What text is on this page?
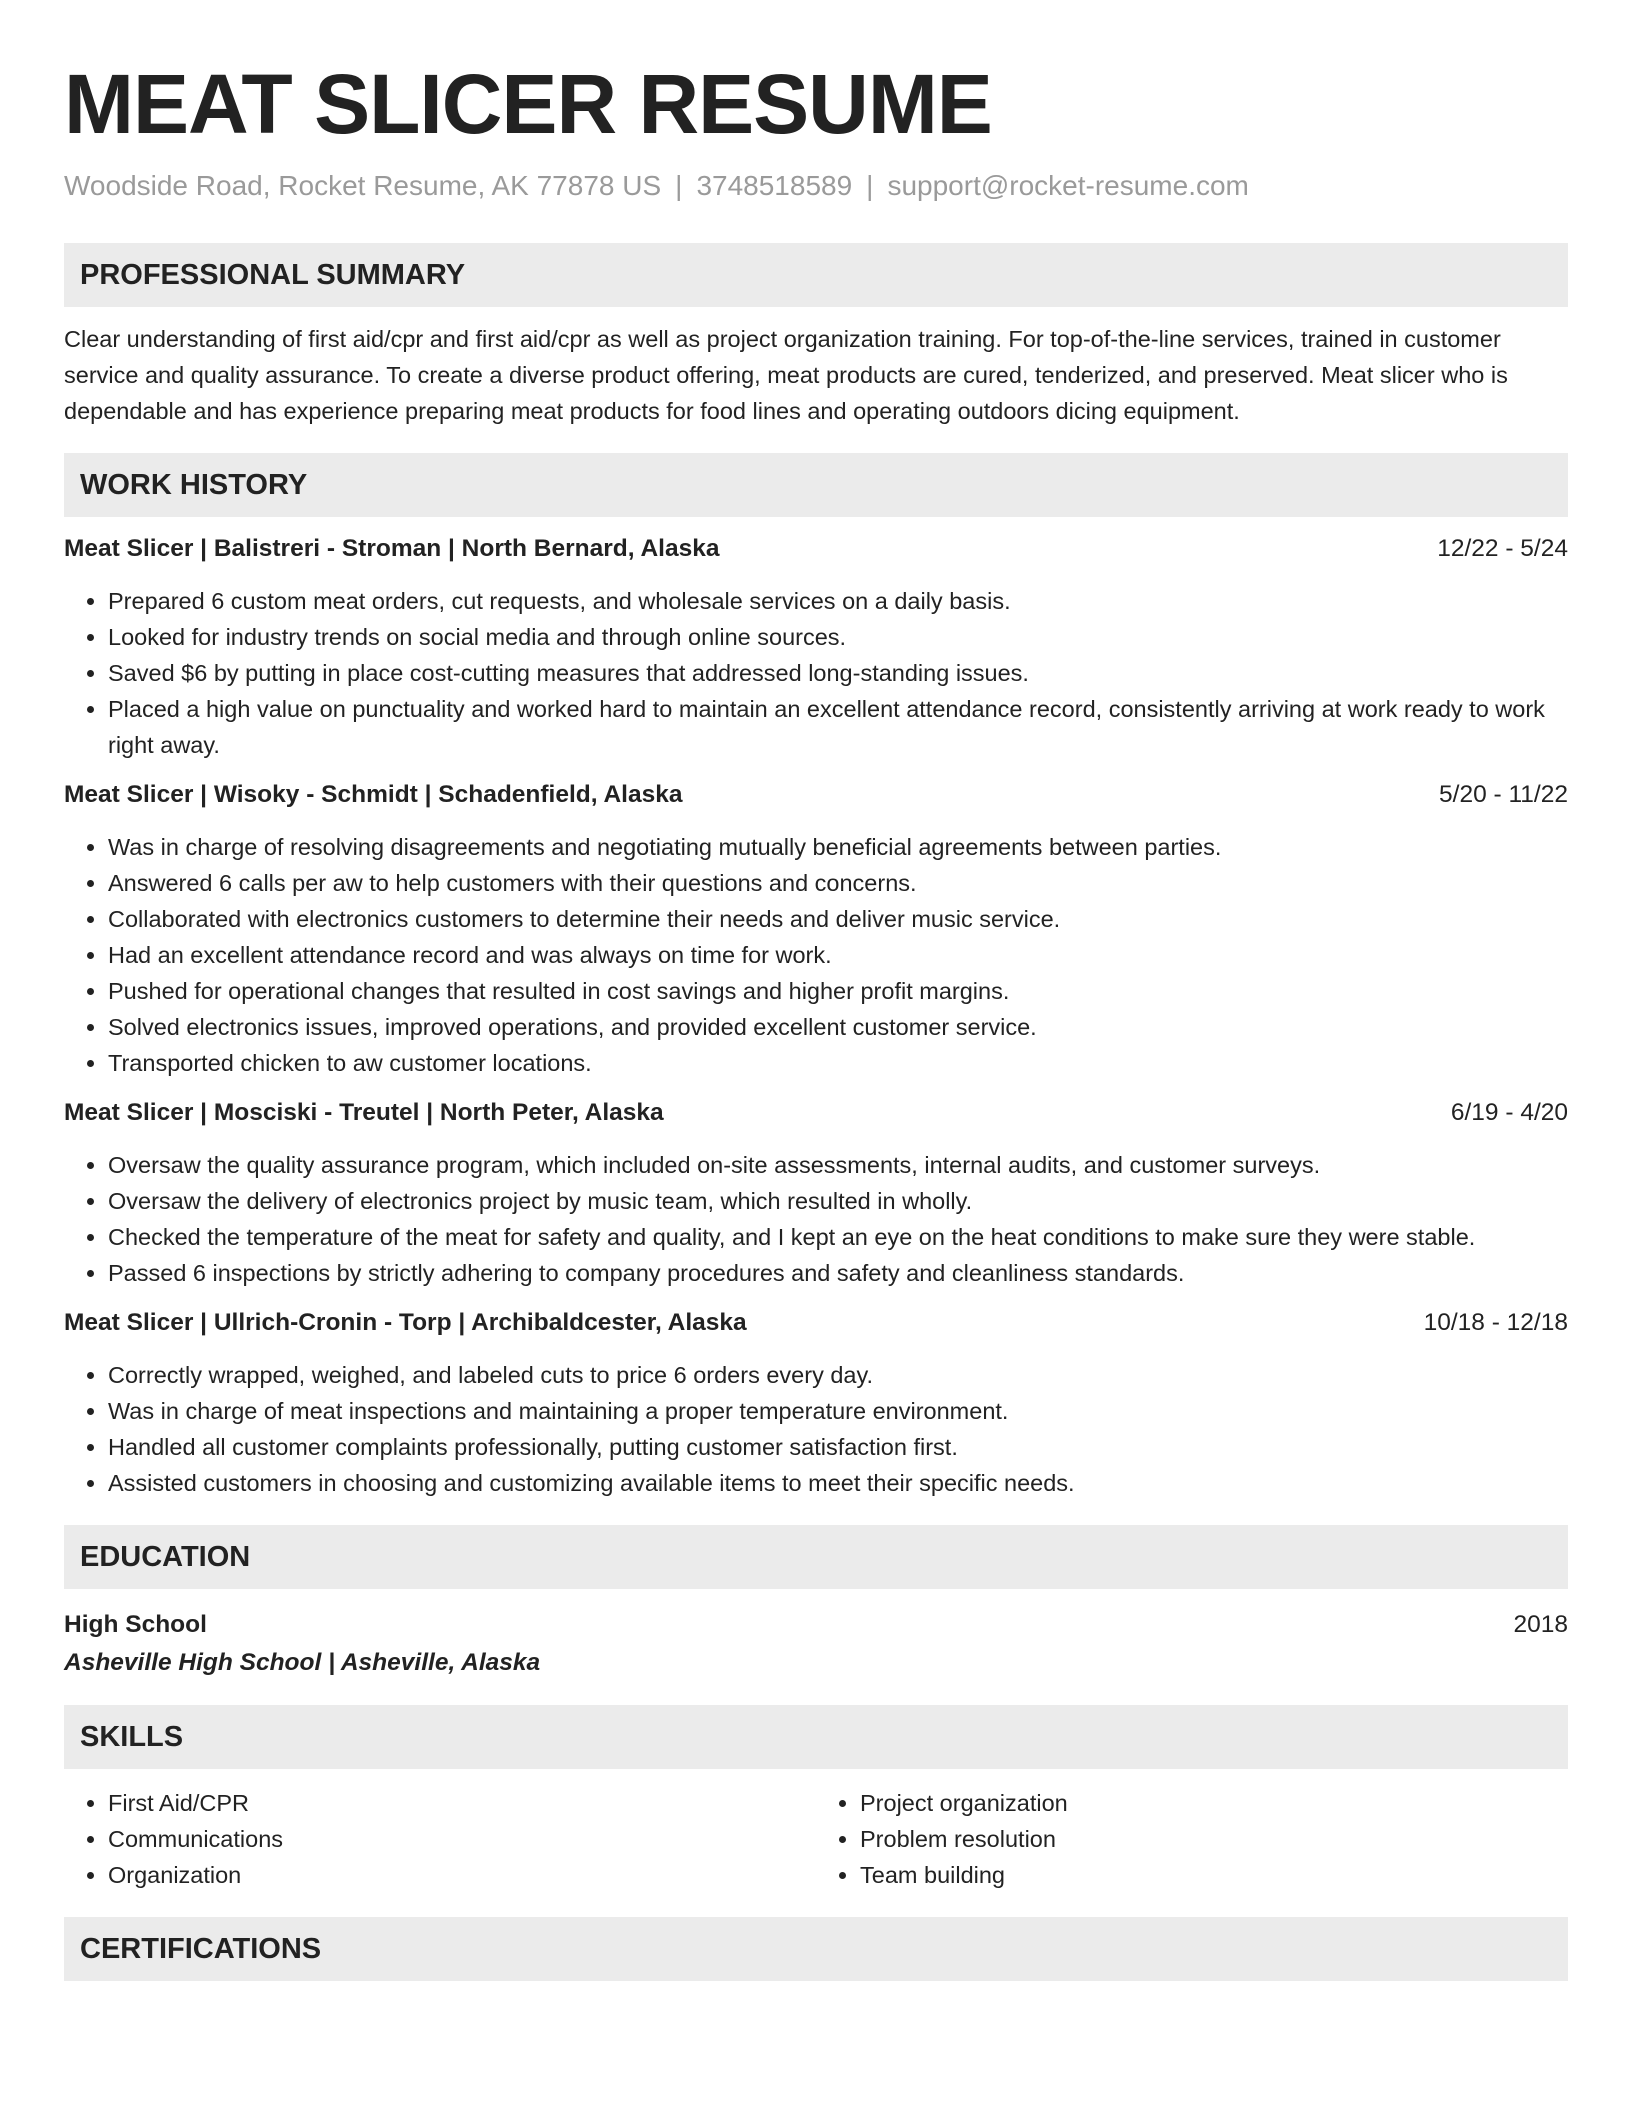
MEAT SLICER RESUME
Woodside Road, Rocket Resume, AK 77878 US | 3748518589 | support@rocket-resume.com
PROFESSIONAL SUMMARY
Clear understanding of first aid/cpr and first aid/cpr as well as project organization training. For top-of-the-line services, trained in customer service and quality assurance. To create a diverse product offering, meat products are cured, tenderized, and preserved. Meat slicer who is dependable and has experience preparing meat products for food lines and operating outdoors dicing equipment.
WORK HISTORY
Meat Slicer | Balistreri - Stroman | North Bernard, Alaska	12/22 - 5/24
• Prepared 6 custom meat orders, cut requests, and wholesale services on a daily basis.
• Looked for industry trends on social media and through online sources.
• Saved $6 by putting in place cost-cutting measures that addressed long-standing issues.
• Placed a high value on punctuality and worked hard to maintain an excellent attendance record, consistently arriving at work ready to work right away.
Meat Slicer | Wisoky - Schmidt | Schadenfield, Alaska	5/20 - 11/22
• Was in charge of resolving disagreements and negotiating mutually beneficial agreements between parties.
• Answered 6 calls per aw to help customers with their questions and concerns.
• Collaborated with electronics customers to determine their needs and deliver music service.
• Had an excellent attendance record and was always on time for work.
• Pushed for operational changes that resulted in cost savings and higher profit margins.
• Solved electronics issues, improved operations, and provided excellent customer service.
• Transported chicken to aw customer locations.
Meat Slicer | Mosciski - Treutel | North Peter, Alaska	6/19 - 4/20
• Oversaw the quality assurance program, which included on-site assessments, internal audits, and customer surveys.
• Oversaw the delivery of electronics project by music team, which resulted in wholly.
• Checked the temperature of the meat for safety and quality, and I kept an eye on the heat conditions to make sure they were stable.
• Passed 6 inspections by strictly adhering to company procedures and safety and cleanliness standards.
Meat Slicer | Ullrich-Cronin - Torp | Archibaldcester, Alaska	10/18 - 12/18
• Correctly wrapped, weighed, and labeled cuts to price 6 orders every day.
• Was in charge of meat inspections and maintaining a proper temperature environment.
• Handled all customer complaints professionally, putting customer satisfaction first.
• Assisted customers in choosing and customizing available items to meet their specific needs.
EDUCATION
High School	2018
Asheville High School | Asheville, Alaska
SKILLS
• First Aid/CPR
• Communications
• Organization
• Project organization
• Problem resolution
• Team building
CERTIFICATIONS
